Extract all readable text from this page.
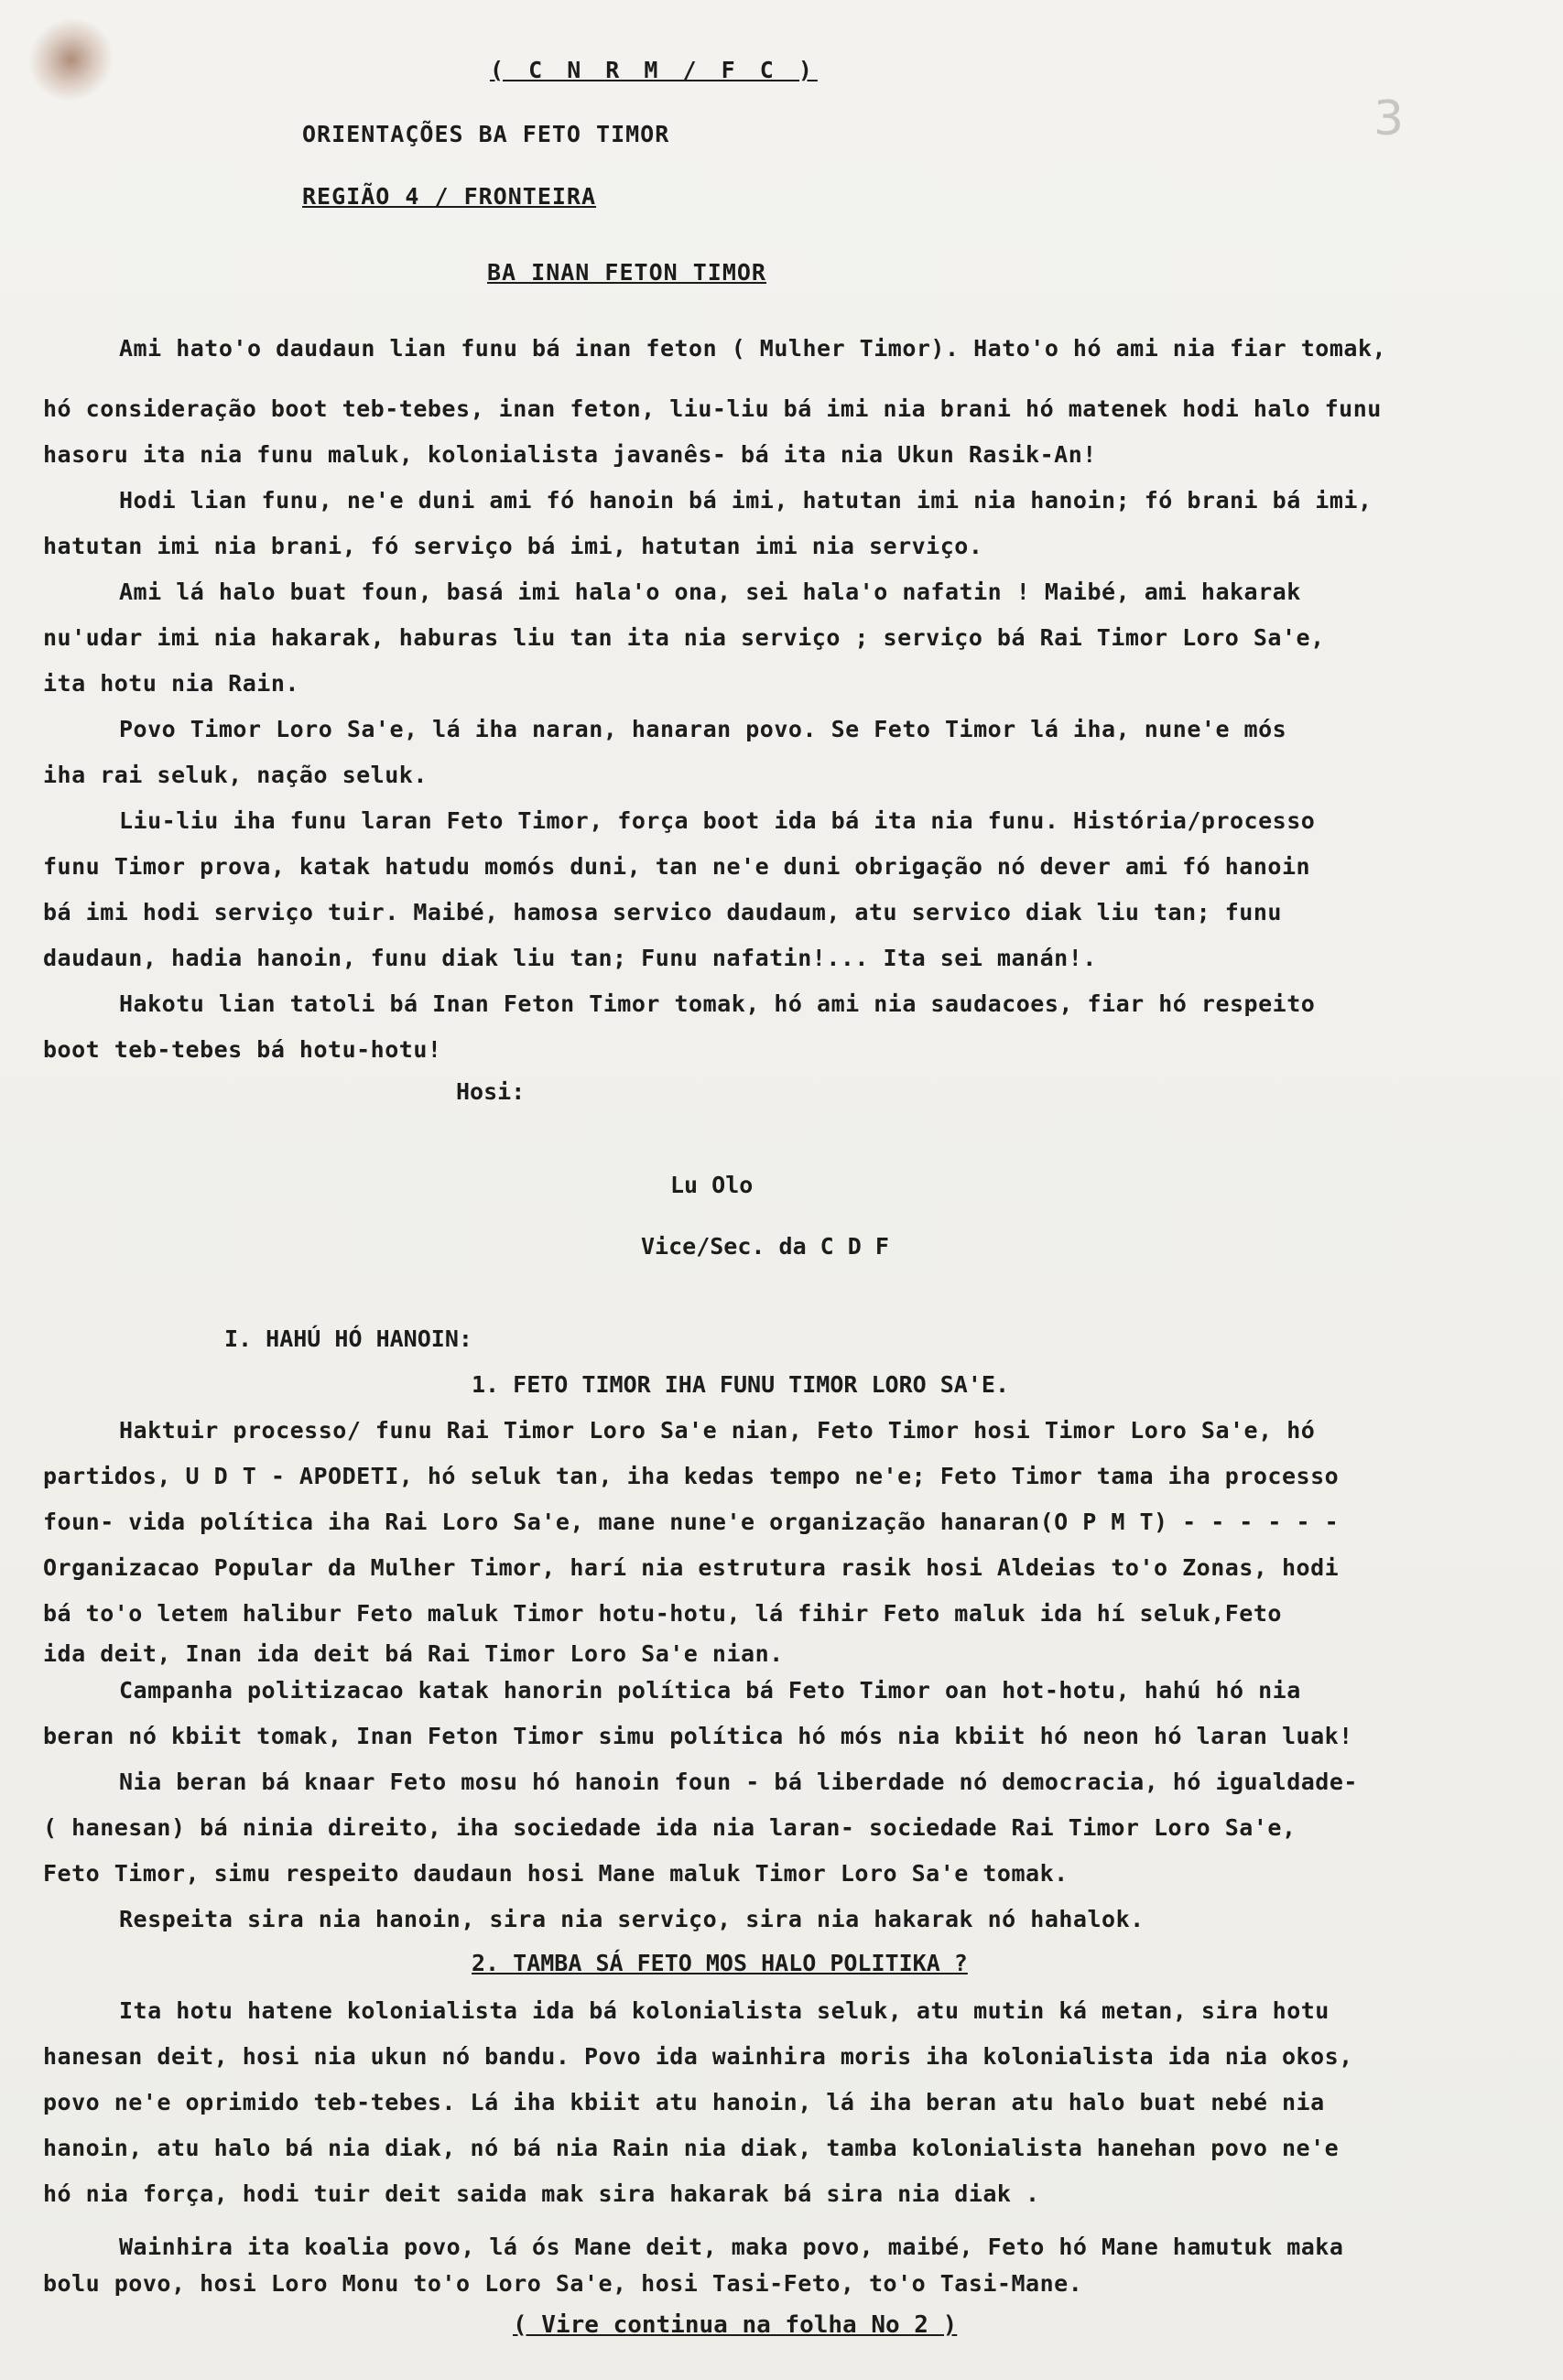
3
( C N R M / F C )
ORIENTAÇÕES BA FETO TIMOR
REGIÃO 4 / FRONTEIRA
BA INAN FETON TIMOR
Ami hato'o daudaun lian funu bá inan feton ( Mulher Timor). Hato'o hó ami nia fiar tomak,
hó consideração boot teb-tebes, inan feton, liu-liu bá imi nia brani hó matenek hodi halo funu
hasoru ita nia funu maluk, kolonialista javanês- bá ita nia Ukun Rasik-An!
Hodi lian funu, ne'e duni ami fó hanoin bá imi, hatutan imi nia hanoin; fó brani bá imi,
hatutan imi nia brani, fó serviço bá imi, hatutan imi nia serviço.
Ami lá halo buat foun, basá imi hala'o ona, sei hala'o nafatin ! Maibé, ami hakarak
nu'udar imi nia hakarak, haburas liu tan ita nia serviço ; serviço bá Rai Timor Loro Sa'e,
ita hotu nia Rain.
Povo Timor Loro Sa'e, lá iha naran, hanaran povo. Se Feto Timor lá iha, nune'e mós
iha rai seluk, nação seluk.
Liu-liu iha funu laran Feto Timor, força boot ida bá ita nia funu. História/processo
funu Timor prova, katak hatudu momós duni, tan ne'e duni obrigação nó dever ami fó hanoin
bá imi hodi serviço tuir. Maibé, hamosa servico daudaum, atu servico diak liu tan; funu
daudaun, hadia hanoin, funu diak liu tan; Funu nafatin!... Ita sei manán!.
Hakotu lian tatoli bá Inan Feton Timor tomak, hó ami nia saudacoes, fiar hó respeito
boot teb-tebes bá hotu-hotu!
Hosi:
Lu Olo
Vice/Sec. da C D F
I. HAHÚ HÓ HANOIN:
1. FETO TIMOR IHA FUNU TIMOR LORO SA'E.
Haktuir processo/ funu Rai Timor Loro Sa'e nian, Feto Timor hosi Timor Loro Sa'e, hó
partidos, U D T - APODETI, hó seluk tan, iha kedas tempo ne'e; Feto Timor tama iha processo
foun- vida política iha Rai Loro Sa'e, mane nune'e organização hanaran(O P M T) - - - - - -
Organizacao Popular da Mulher Timor, harí nia estrutura rasik hosi Aldeias to'o Zonas, hodi
bá to'o letem halibur Feto maluk Timor hotu-hotu, lá fihir Feto maluk ida hí seluk,Feto
ida deit, Inan ida deit bá Rai Timor Loro Sa'e nian.
Campanha politizacao katak hanorin política bá Feto Timor oan hot-hotu, hahú hó nia
beran nó kbiit tomak, Inan Feton Timor simu política hó mós nia kbiit hó neon hó laran luak!
Nia beran bá knaar Feto mosu hó hanoin foun - bá liberdade nó democracia, hó igualdade-
( hanesan) bá ninia direito, iha sociedade ida nia laran- sociedade Rai Timor Loro Sa'e,
Feto Timor, simu respeito daudaun hosi Mane maluk Timor Loro Sa'e tomak.
Respeita sira nia hanoin, sira nia serviço, sira nia hakarak nó hahalok.
2. TAMBA SÁ FETO MOS HALO POLITIKA ?
Ita hotu hatene kolonialista ida bá kolonialista seluk, atu mutin ká metan, sira hotu
hanesan deit, hosi nia ukun nó bandu. Povo ida wainhira moris iha kolonialista ida nia okos,
povo ne'e oprimido teb-tebes. Lá iha kbiit atu hanoin, lá iha beran atu halo buat nebé nia
hanoin, atu halo bá nia diak, nó bá nia Rain nia diak, tamba kolonialista hanehan povo ne'e
hó nia força, hodi tuir deit saida mak sira hakarak bá sira nia diak .
Wainhira ita koalia povo, lá ós Mane deit, maka povo, maibé, Feto hó Mane hamutuk maka
bolu povo, hosi Loro Monu to'o Loro Sa'e, hosi Tasi-Feto, to'o Tasi-Mane.
( Vire continua na folha No 2 )
